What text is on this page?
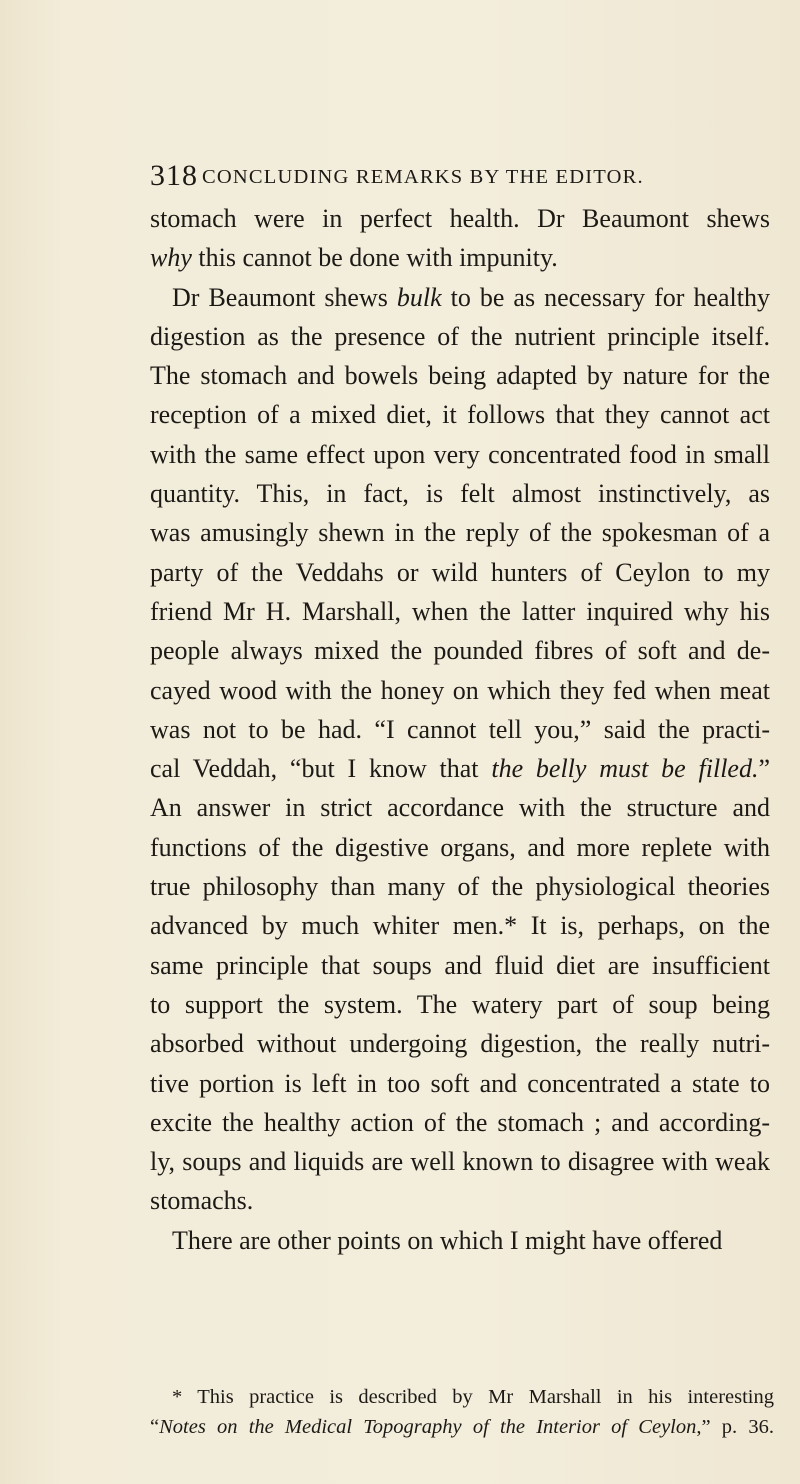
318 CONCLUDING REMARKS BY THE EDITOR.
stomach were in perfect health. Dr Beaumont shews
why this cannot be done with impunity.
Dr Beaumont shews bulk to be as necessary for healthy
digestion as the presence of the nutrient principle itself.
The stomach and bowels being adapted by nature for the
reception of a mixed diet, it follows that they cannot act
with the same effect upon very concentrated food in small
quantity. This, in fact, is felt almost instinctively, as
was amusingly shewn in the reply of the spokesman of a
party of the Veddahs or wild hunters of Ceylon to my
friend Mr H. Marshall, when the latter inquired why his
people always mixed the pounded fibres of soft and de-
cayed wood with the honey on which they fed when meat
was not to be had. “I cannot tell you,” said the practi-
cal Veddah, “but I know that the belly must be filled.”
An answer in strict accordance with the structure and
functions of the digestive organs, and more replete with
true philosophy than many of the physiological theories
advanced by much whiter men.* It is, perhaps, on the
same principle that soups and fluid diet are insufficient
to support the system. The watery part of soup being
absorbed without undergoing digestion, the really nutri-
tive portion is left in too soft and concentrated a state to
excite the healthy action of the stomach ; and according-
ly, soups and liquids are well known to disagree with weak
stomachs.
There are other points on which I might have offered
* This practice is described by Mr Marshall in his interesting
“Notes on the Medical Topography of the Interior of Ceylon,” p. 36.
